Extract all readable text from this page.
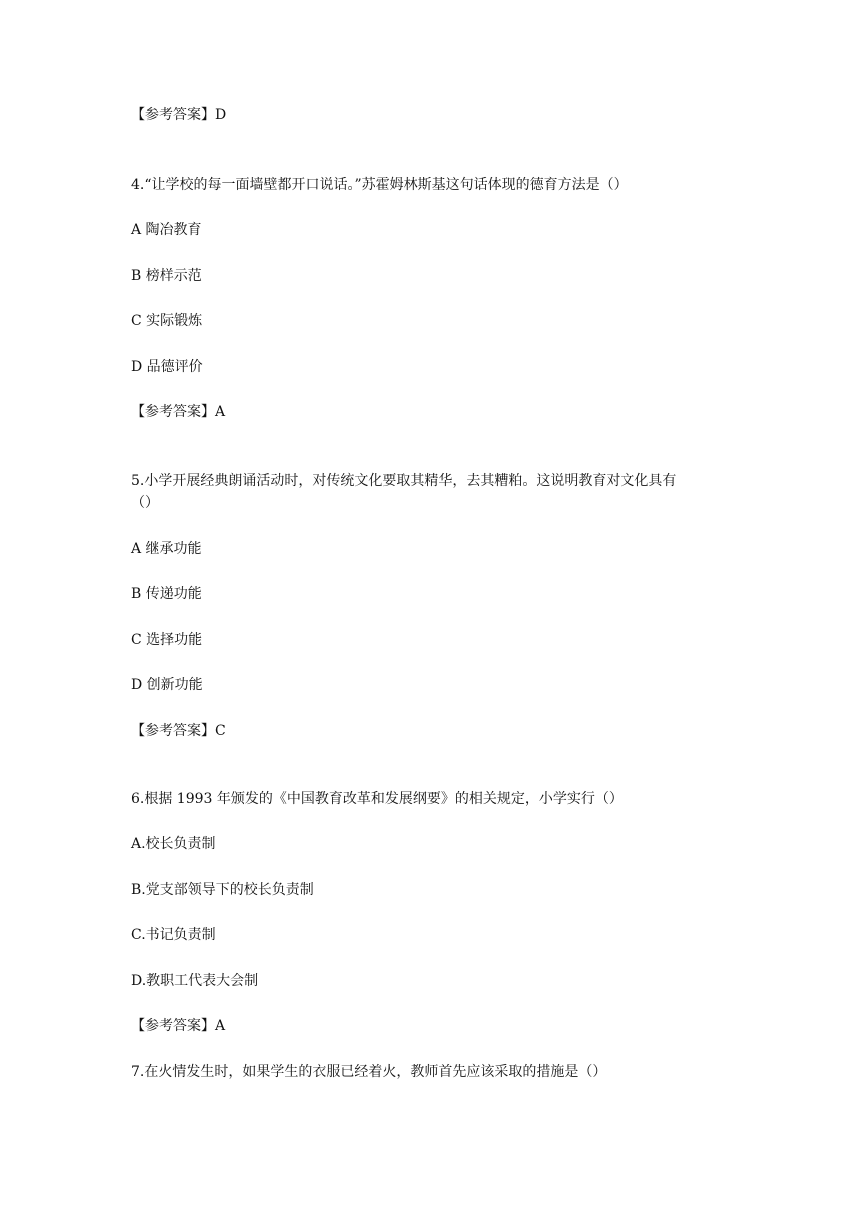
【参考答案】D
4.“让学校的每一面墙壁都开口说话。”苏霍姆林斯基这句话体现的德育方法是（）
A 陶冶教育
B 榜样示范
C 实际锻炼
D 品德评价
【参考答案】A
5.小学开展经典朗诵活动时，对传统文化要取其精华，去其糟粕。这说明教育对文化具有
（）
A 继承功能
B 传递功能
C 选择功能
D 创新功能
【参考答案】C
6.根据 1993 年颁发的《中国教育改革和发展纲要》的相关规定，小学实行（）
A.校长负责制
B.党支部领导下的校长负责制
C.书记负责制
D.教职工代表大会制
【参考答案】A
7.在火情发生时，如果学生的衣服已经着火，教师首先应该采取的措施是（）
